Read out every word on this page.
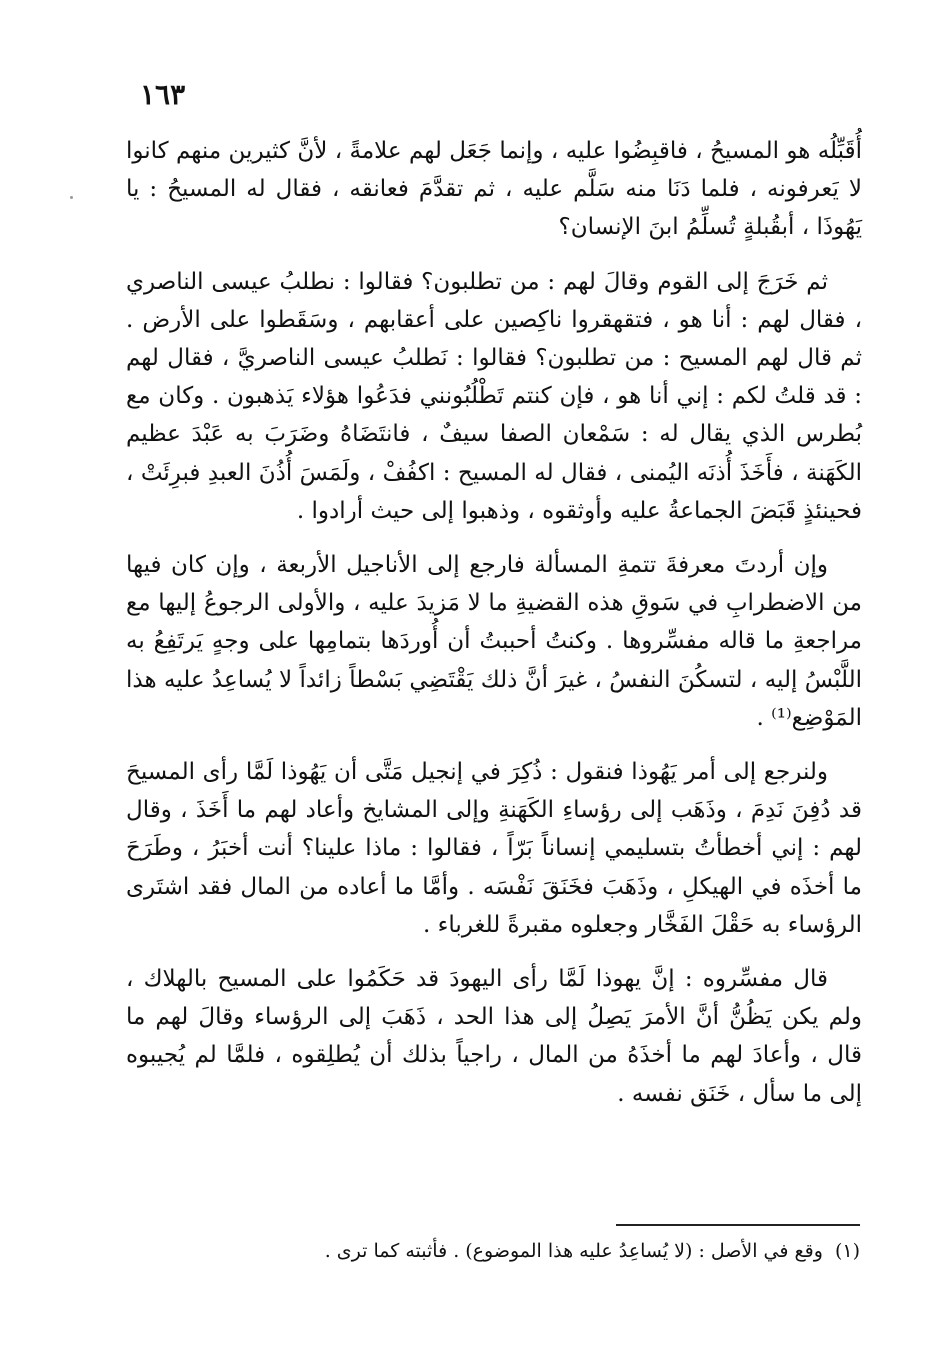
١٦٣

أُقَبِّلُه هو المسيحُ ، فاقبِضُوا عليه ، وإنما جَعَل لهم علامةً ، لأنَّ كثيرين منهم كانوا لا يَعرفونه ، فلما دَنَا منه سَلَّم عليه ، ثم تقدَّمَ فعانقه ، فقال له المسيحُ : يا يَهُوذَا ، أبقُبلةٍ تُسلِّمُ ابنَ الإنسان؟

ثم خَرَجَ إلى القوم وقالَ لهم : من تطلبون؟ فقالوا : نطلبُ عيسى الناصري ، فقال لهم : أنا هو ، فتقهقروا ناكِصين على أعقابهم ، وسَقَطوا على الأرض . ثم قال لهم المسيح : من تطلبون؟ فقالوا : نَطلبُ عيسى الناصريَّ ، فقال لهم : قد قلتُ لكم : إني أنا هو ، فإن كنتم تَطْلُبُونني فدَعُوا هؤلاء يَذهبون . وكان مع بُطرس الذي يقال له : سَمْعان الصفا سيفٌ ، فانتَضَاهُ وضَرَبَ به عَبْدَ عظيم الكَهَنة ، فأَخَذَ أُذنَه اليُمنى ، فقال له المسيح : اكفُفْ ، ولَمَسَ أُذُنَ العبدِ فبرِئَتْ ، فحينئذٍ قَبَضَ الجماعةُ عليه وأوثقوه ، وذهبوا إلى حيث أرادوا .

وإن أردتَ معرفةَ تتمةِ المسألة فارجع إلى الأناجيل الأربعة ، وإن كان فيها من الاضطرابِ في سَوقِ هذه القضيةِ ما لا مَزيدَ عليه ، والأولى الرجوعُ إليها مع مراجعةِ ما قاله مفسِّروها . وكنتُ أحببتُ أن أُوردَها بتمامِها على وجهٍ يَرتَفِعُ به اللَّبْسُ إليه ، لتسكُنَ النفسُ ، غيرَ أنَّ ذلك يَقْتَضِي بَسْطاً زائداً لا يُساعِدُ عليه هذا المَوْضِع⁽¹⁾ .

ولنرجع إلى أمر يَهُوذا فنقول : ذُكِرَ في إنجيل مَتَّى أن يَهُوذا لَمَّا رأى المسيحَ قد دُفِنَ نَدِمَ ، وذَهَب إلى رؤساءِ الكَهَنةِ وإلى المشايخ وأعاد لهم ما أَخَذَ ، وقال لهم : إني أخطأتُ بتسليمي إنساناً بَرّاً ، فقالوا : ماذا علينا؟ أنت أخبَرُ ، وطَرَحَ ما أخذَه في الهيكلِ ، وذَهَبَ فخَنَقَ نَفْسَه . وأمَّا ما أعاده من المال فقد اشتَرى الرؤساء به حَقْلَ الفَخَّار وجعلوه مقبرةً للغرباء .

قال مفسِّروه : إنَّ يهوذا لَمَّا رأى اليهودَ قد حَكَمُوا على المسيح بالهلاك ، ولم يكن يَظُنُّ أنَّ الأمرَ يَصِلُ إلى هذا الحد ، ذَهَبَ إلى الرؤساء وقالَ لهم ما قال ، وأعادَ لهم ما أخذَهُ من المال ، راجياً بذلك أن يُطلِقوه ، فلمَّا لم يُجيبوه إلى ما سأل ، خَنَق نفسه .

(١) وقع في الأصل : (لا يُساعِدُ عليه هذا الموضوع) . فأثبته كما ترى .
